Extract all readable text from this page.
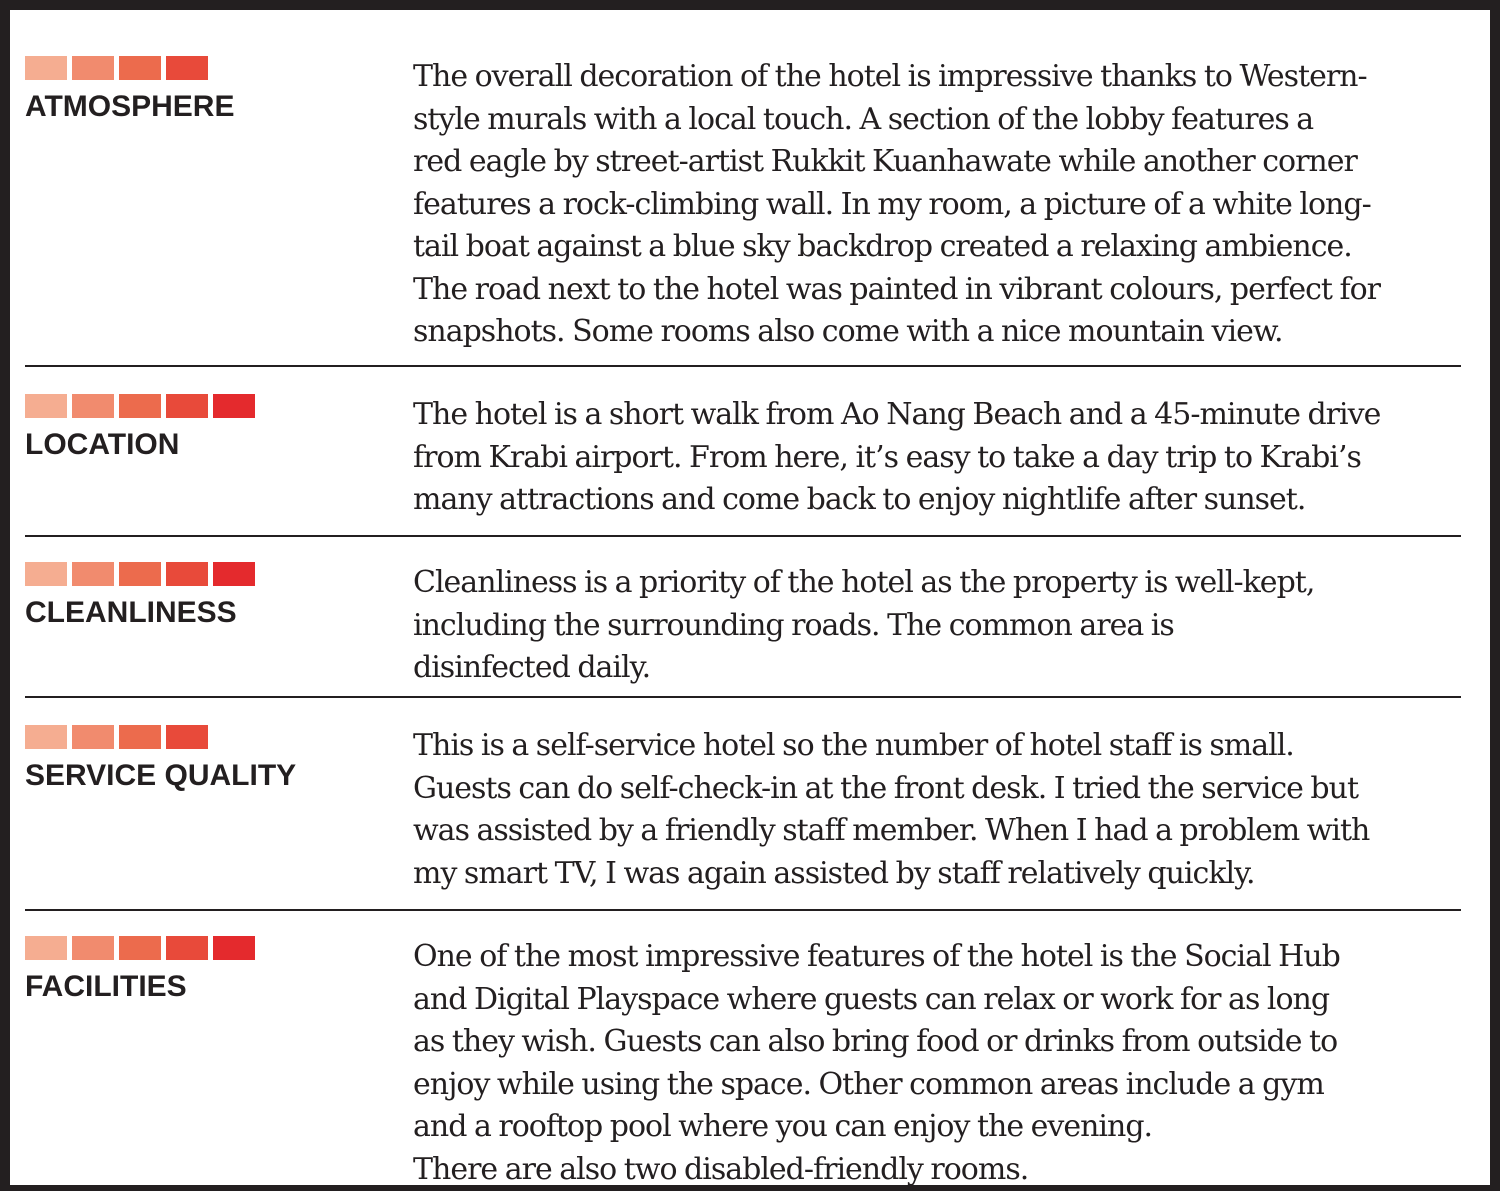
ATMOSPHERE

The overall decoration of the hotel is impressive thanks to Western-
style murals with a local touch. A section of the lobby features a
red eagle by street-artist Rukkit Kuanhawate while another corner
features a rock-climbing wall. In my room, a picture of a white long-
tail boat against a blue sky backdrop created a relaxing ambience.
The road next to the hotel was painted in vibrant colours, perfect for
snapshots. Some rooms also come with a nice mountain view.

LOCATION

The hotel is a short walk from Ao Nang Beach and a 45-minute drive
from Krabi airport. From here, it’s easy to take a day trip to Krabi’s
many attractions and come back to enjoy nightlife after sunset.

CLEANLINESS

Cleanliness is a priority of the hotel as the property is well-kept,
including the surrounding roads. The common area is
disinfected daily.

SERVICE QUALITY

This is a self-service hotel so the number of hotel staff is small.
Guests can do self-check-in at the front desk. I tried the service but
was assisted by a friendly staff member. When I had a problem with
my smart TV, I was again assisted by staff relatively quickly.

FACILITIES

One of the most impressive features of the hotel is the Social Hub
and Digital Playspace where guests can relax or work for as long
as they wish. Guests can also bring food or drinks from outside to
enjoy while using the space. Other common areas include a gym
and a rooftop pool where you can enjoy the evening.
There are also two disabled-friendly rooms.
